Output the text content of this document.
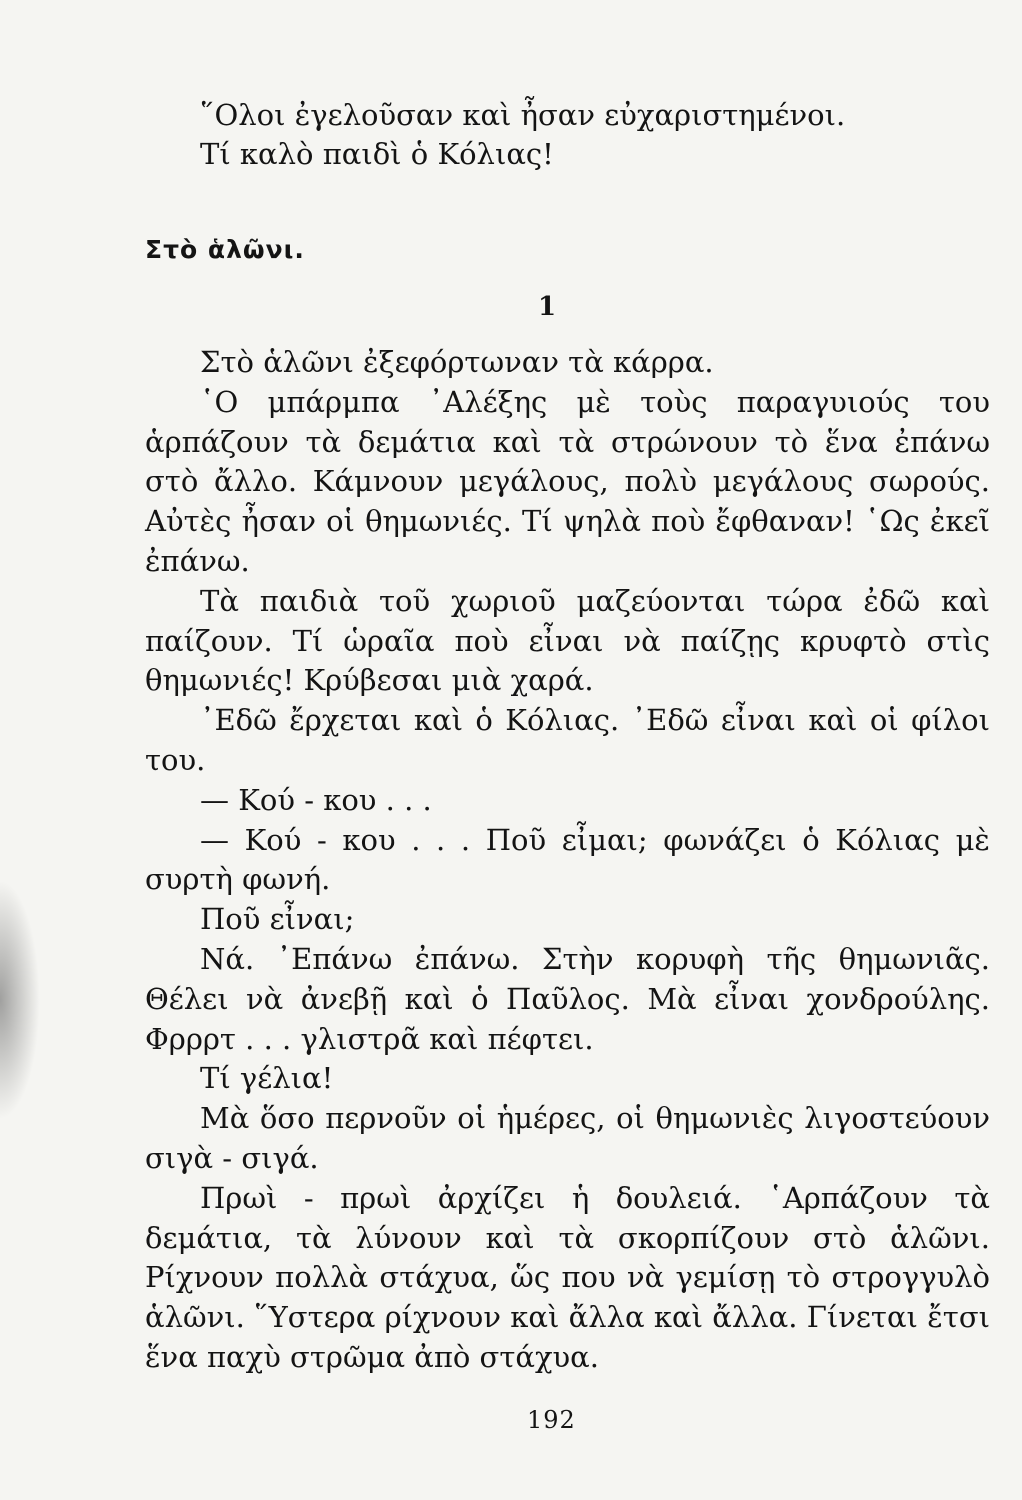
῞Ολοι ἐγελοῦσαν καὶ ἦσαν εὐχαριστημένοι.

Τί καλὸ παιδὶ ὁ Κόλιας!

Στὸ ἁλῶνι.
1

Στὸ ἁλῶνι ἐξεφόρτωναν τὰ κάρρα.

῾Ο μπάρμπα ᾿Αλέξης μὲ τοὺς παραγυιούς του ἁρπάζουν τὰ δεμάτια καὶ τὰ στρώνουν τὸ ἕνα ἐπάνω στὸ ἄλλο. Κάμνουν μεγάλους, πολὺ μεγάλους σωρούς. Αὐτὲς ἦσαν οἱ θημωνιές. Τί ψηλὰ ποὺ ἔφθαναν! ῾Ως ἐκεῖ ἐπάνω.

Τὰ παιδιὰ τοῦ χωριοῦ μαζεύονται τώρα ἐδῶ καὶ παίζουν. Τί ὡραῖα ποὺ εἶναι νὰ παίζῃς κρυφτὸ στὶς θημωνιές! Κρύβεσαι μιὰ χαρά.

᾿Εδῶ ἔρχεται καὶ ὁ Κόλιας. ᾿Εδῶ εἶναι καὶ οἱ φίλοι του.

— Κού - κου . . .

— Κού - κου . . . Ποῦ εἶμαι; φωνάζει ὁ Κόλιας μὲ συρτὴ φωνή.

Ποῦ εἶναι;

Νά. ᾿Επάνω ἐπάνω. Στὴν κορυφὴ τῆς θημωνιᾶς. Θέλει νὰ ἀνεβῇ καὶ ὁ Παῦλος. Μὰ εἶναι χονδρούλης. Φρρρτ . . . γλιστρᾶ καὶ πέφτει.

Τί γέλια!

Μὰ ὅσο περνοῦν οἱ ἡμέρες, οἱ θημωνιὲς λιγοστεύουν σιγὰ - σιγά.

Πρωὶ - πρωὶ ἀρχίζει ἡ δουλειά. ῾Αρπάζουν τὰ δεμάτια, τὰ λύνουν καὶ τὰ σκορπίζουν στὸ ἁλῶνι. Ρίχνουν πολλὰ στάχυα, ὥς που νὰ γεμίσῃ τὸ στρογγυλὸ ἁλῶνι. ῞Υστερα ρίχνουν καὶ ἄλλα καὶ ἄλλα. Γίνεται ἔτσι ἕνα παχὺ στρῶμα ἀπὸ στάχυα.

192
